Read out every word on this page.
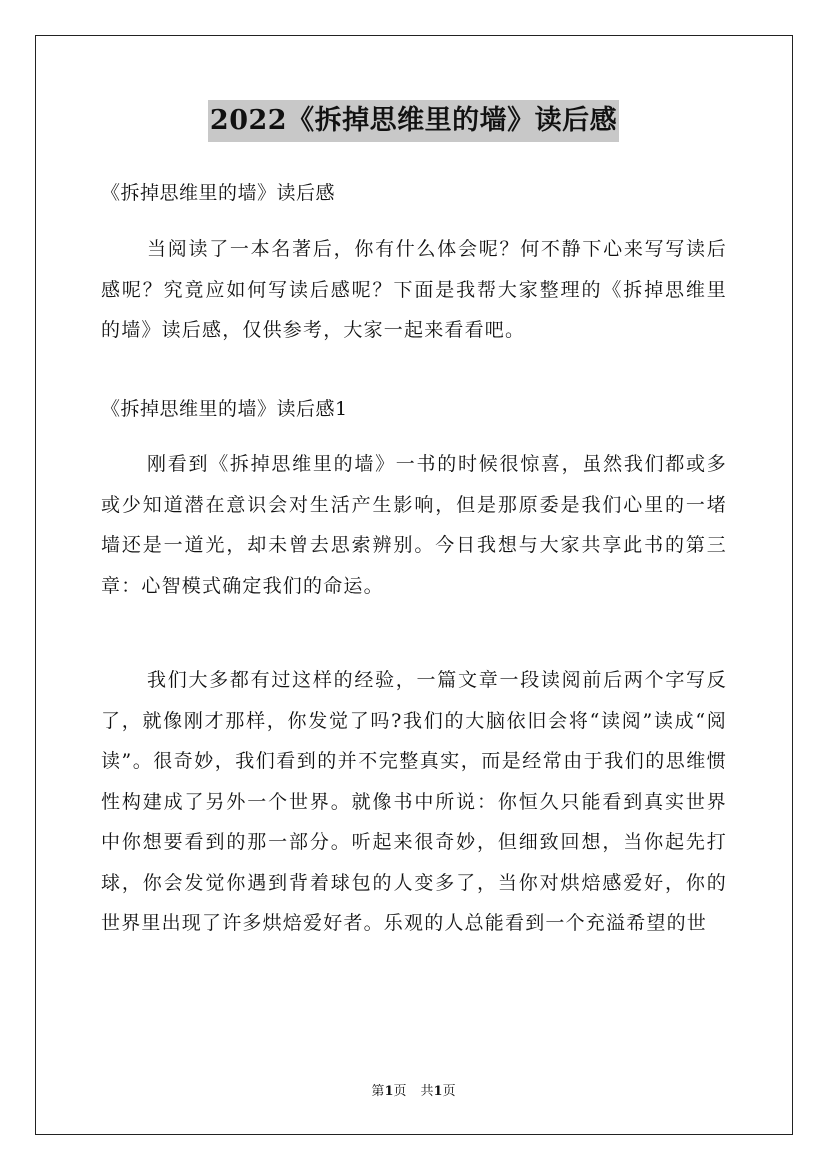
2022《拆掉思维里的墙》读后感
《拆掉思维里的墙》读后感
当阅读了一本名著后，你有什么体会呢？何不静下心来写写读后感呢？究竟应如何写读后感呢？下面是我帮大家整理的《拆掉思维里的墙》读后感，仅供参考，大家一起来看看吧。
《拆掉思维里的墙》读后感1
刚看到《拆掉思维里的墙》一书的时候很惊喜，虽然我们都或多或少知道潜在意识会对生活产生影响，但是那原委是我们心里的一堵墙还是一道光，却未曾去思索辨别。今日我想与大家共享此书的第三章：心智模式确定我们的命运。
我们大多都有过这样的经验，一篇文章一段读阅前后两个字写反了，就像刚才那样，你发觉了吗?我们的大脑依旧会将“读阅”读成“阅读”。很奇妙，我们看到的并不完整真实，而是经常由于我们的思维惯性构建成了另外一个世界。就像书中所说：你恒久只能看到真实世界中你想要看到的那一部分。听起来很奇妙，但细致回想，当你起先打球，你会发觉你遇到背着球包的人变多了，当你对烘焙感爱好，你的世界里出现了许多烘焙爱好者。乐观的人总能看到一个充溢希望的世
第1页 共1页
